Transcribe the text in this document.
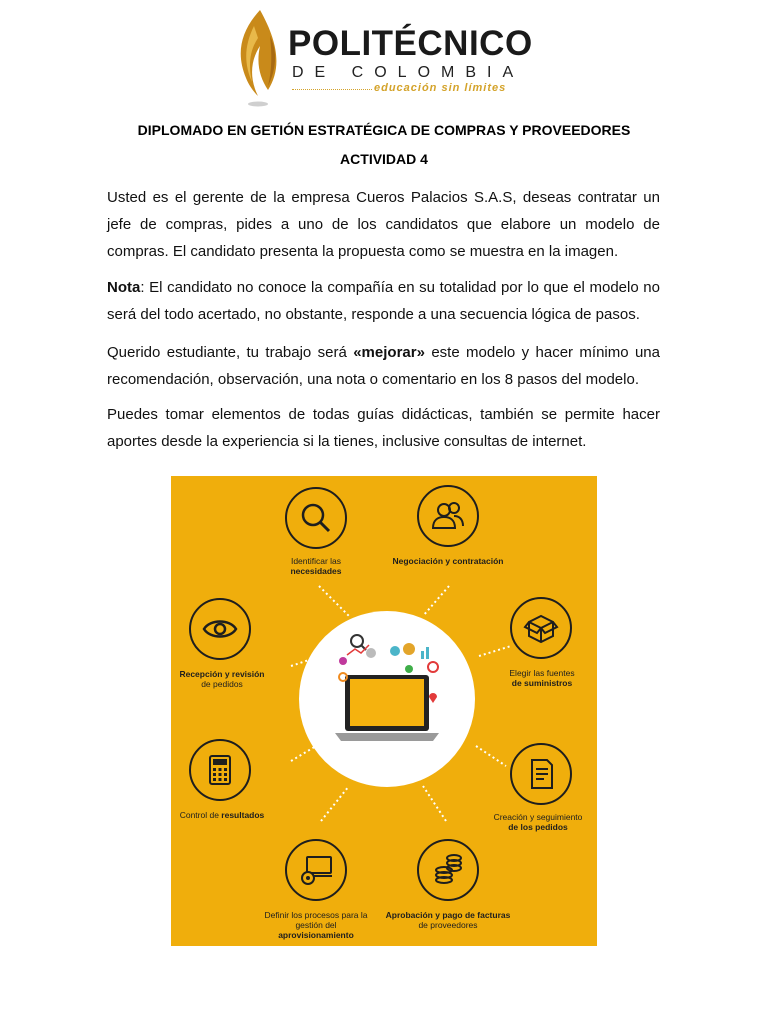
POLITÉCNICO
DE COLOMBIA
educación sin límites
DIPLOMADO EN GETIÓN ESTRATÉGICA DE COMPRAS Y PROVEEDORES
ACTIVIDAD 4

Usted es el gerente de la empresa Cueros Palacios S.A.S, deseas contratar un jefe de compras, pides a uno de los candidatos que elabore un modelo de compras. El candidato presenta la propuesta como se muestra en la imagen.

Nota: El candidato no conoce la compañía en su totalidad por lo que el modelo no será del todo acertado, no obstante, responde a una secuencia lógica de pasos.

Querido estudiante, tu trabajo será «mejorar» este modelo y hacer mínimo una recomendación, observación, una nota o comentario en los 8 pasos del modelo.

Puedes tomar elementos de todas guías didácticas, también se permite hacer aportes desde la experiencia si la tienes, inclusive consultas de internet.

Identificar las
necesidades
Negociación y contratación
Elegir las fuentes
de suministros
Creación y seguimiento
de los pedidos
Aprobación y pago de facturas
de proveedores
Definir los procesos para la gestión del
aprovisionamiento
Control de resultados
Recepción y revisión
de pedidos
